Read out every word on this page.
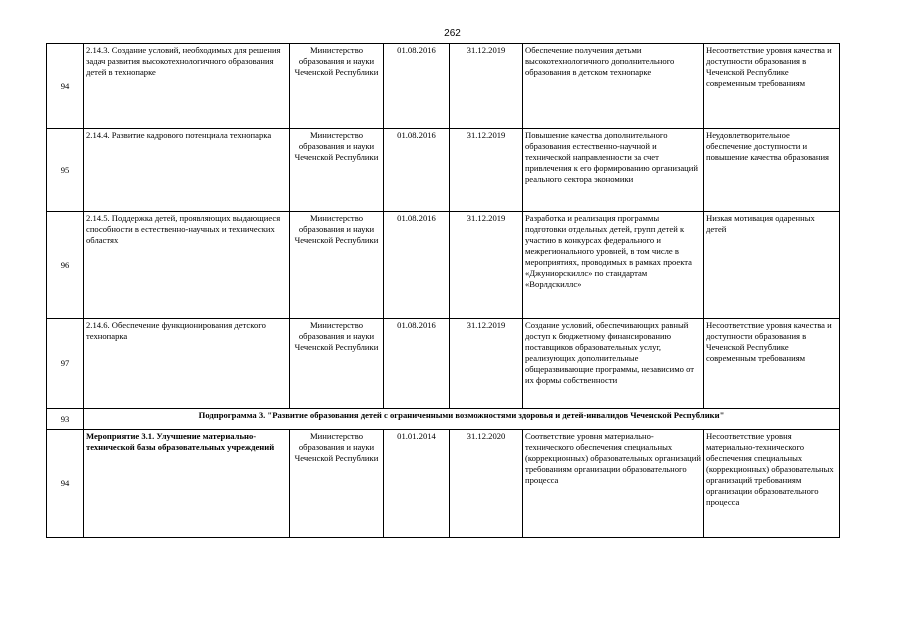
262
94	2.14.3. Создание условий, необходимых для решения задач развития высокотехнологичного образования детей в технопарке	Министерство образования и науки Чеченской Республики	01.08.2016	31.12.2019	Обеспечение получения детьми высокотехнологичного дополнительного образования в детском технопарке	Несоответствие уровня качества и доступности образования в Чеченской Республике современным требованиям
95	2.14.4. Развитие кадрового потенциала технопарка	Министерство образования и науки Чеченской Республики	01.08.2016	31.12.2019	Повышение качества дополнительного образования естественно-научной и технической направленности за счет привлечения к его формированию организаций реального сектора экономики	Неудовлетворительное обеспечение доступности и повышение качества образования
96	2.14.5. Поддержка детей, проявляющих выдающиеся способности в естественно-научных и технических областях	Министерство образования и науки Чеченской Республики	01.08.2016	31.12.2019	Разработка и реализация программы подготовки отдельных детей, групп детей к участию в конкурсах федерального и межрегионального уровней, в том числе в мероприятиях, проводимых в рамках проекта «Джуниорскиллс» по стандартам «Ворлдскиллс»	Низкая мотивация одаренных детей
97	2.14.6. Обеспечение функционирования детского технопарка	Министерство образования и науки Чеченской Республики	01.08.2016	31.12.2019	Создание условий, обеспечивающих равный доступ к бюджетному финансированию поставщиков образовательных услуг, реализующих дополнительные общеразвивающие программы, независимо от их формы собственности	Несоответствие уровня качества и доступности образования в Чеченской Республике современным требованиям
93	Подпрограмма 3. "Развитие образования детей с ограниченными возможностями здоровья и детей-инвалидов Чеченской Республики"					
94	Мероприятие 3.1. Улучшение материально-технической базы образовательных учреждений	Министерство образования и науки Чеченской Республики	01.01.2014	31.12.2020	Соответствие уровня материально-технического обеспечения специальных (коррекционных) образовательных организаций требованиям организации образовательного процесса	Несоответствие уровня материально-технического обеспечения специальных (коррекционных) образовательных организаций требованиям организации образовательного процесса
